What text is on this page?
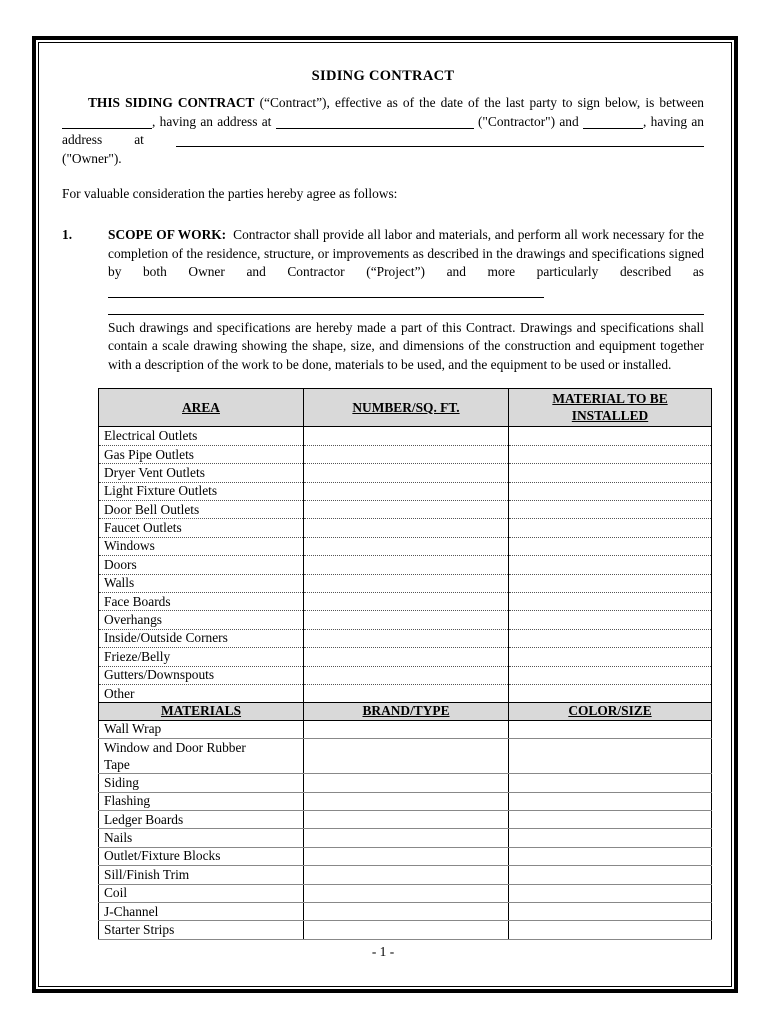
SIDING CONTRACT

THIS SIDING CONTRACT (“Contract”), effective as of the date of the last party to sign below, is between , having an address at	("Contractor") and	, having an address at  ("Owner").

For valuable consideration the parties hereby agree as follows:

1.	SCOPE OF WORK: Contractor shall provide all labor and materials, and perform all work necessary for the completion of the residence, structure, or improvements as described in the drawings and specifications signed by both Owner and Contractor (“Project”) and more particularly described as

Such drawings and specifications are hereby made a part of this Contract. Drawings and specifications shall contain a scale drawing showing the shape, size, and dimensions of the construction and equipment together with a description of the work to be done, materials to be used, and the equipment to be used or installed.

AREA	NUMBER/SQ. FT.	MATERIAL TO BE INSTALLED
Electrical Outlets		
Gas Pipe Outlets		
Dryer Vent Outlets		
Light Fixture Outlets		
Door Bell Outlets		
Faucet Outlets		
Windows		
Doors		
Walls		
Face Boards		
Overhangs		
Inside/Outside Corners		
Frieze/Belly		
Gutters/Downspouts		
Other		
MATERIALS	BRAND/TYPE	COLOR/SIZE
Wall Wrap		
Window and Door Rubber Tape		
Siding		
Flashing		
Ledger Boards		
Nails		
Outlet/Fixture Blocks		
Sill/Finish Trim		
Coil		
J-Channel		
Starter Strips		
- 1 -
